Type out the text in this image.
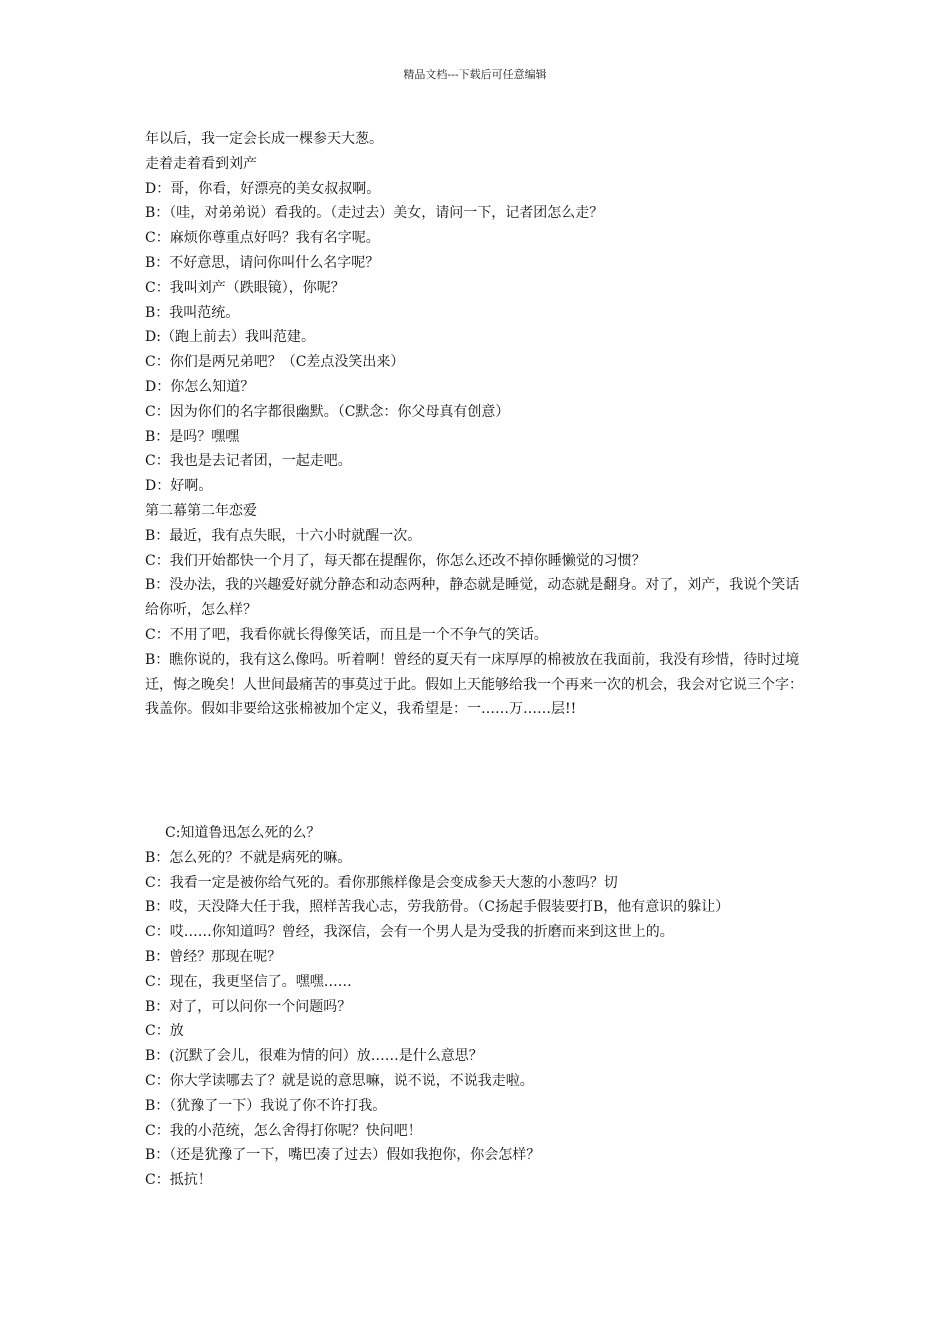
精品文档---下载后可任意编辑
年以后，我一定会长成一棵参天大葱。
走着走着看到刘产
D：哥，你看，好漂亮的美女叔叔啊。
B：（哇，对弟弟说）看我的。（走过去）美女，请问一下，记者团怎么走？
C：麻烦你尊重点好吗？我有名字呢。
B：不好意思，请问你叫什么名字呢？
C：我叫刘产（跌眼镜），你呢？
B：我叫范统。
D:（跑上前去）我叫范建。
C：你们是两兄弟吧？（C差点没笑出来）
D：你怎么知道？
C：因为你们的名字都很幽默。（C默念：你父母真有创意）
B：是吗？嘿嘿
C：我也是去记者团，一起走吧。
D：好啊。
第二幕第二年恋爱
B：最近，我有点失眠，十六小时就醒一次。
C：我们开始都快一个月了，每天都在提醒你，你怎么还改不掉你睡懒觉的习惯？
B：没办法，我的兴趣爱好就分静态和动态两种，静态就是睡觉，动态就是翻身。对了，刘产，我说个笑话给你听，怎么样？
C：不用了吧，我看你就长得像笑话，而且是一个不争气的笑话。
B：瞧你说的，我有这么像吗。听着啊！曾经的夏天有一床厚厚的棉被放在我面前，我没有珍惜，待时过境迁，悔之晚矣！人世间最痛苦的事莫过于此。假如上天能够给我一个再来一次的机会，我会对它说三个字：我盖你。假如非要给这张棉被加个定义，我希望是：一……万……层!!
C:知道鲁迅怎么死的么？
B：怎么死的？不就是病死的嘛。
C：我看一定是被你给气死的。看你那熊样像是会变成参天大葱的小葱吗？切
B：哎，天没降大任于我，照样苦我心志，劳我筋骨。（C扬起手假装要打B，他有意识的躲让）
C：哎……你知道吗？曾经，我深信，会有一个男人是为受我的折磨而来到这世上的。
B：曾经？那现在呢？
C：现在，我更坚信了。嘿嘿……
B：对了，可以问你一个问题吗？
C：放
B：(沉默了会儿，很难为情的问）放……是什么意思？
C：你大学读哪去了？就是说的意思嘛，说不说，不说我走啦。
B：（犹豫了一下）我说了你不许打我。
C：我的小范统，怎么舍得打你呢？快问吧！
B：（还是犹豫了一下，嘴巴凑了过去）假如我抱你，你会怎样？
C：抵抗！
